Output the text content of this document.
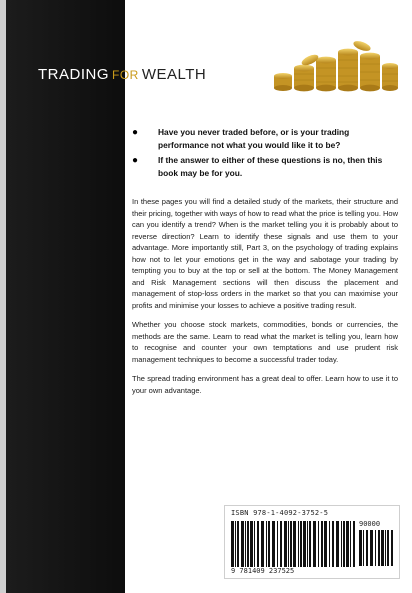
TRADING FOR WEALTH
●	Have you never traded before, or is your trading performance not what you would like it to be?
●	If the answer to either of these questions is no, then this book may be for you.

In these pages you will find a detailed study of the markets, their structure and their pricing, together with ways of how to read what the price is telling you. How can you identify a trend? When is the market telling you it is probably about to reverse direction? Learn to identify these signals and use them to your advantage. More importantly still, Part 3, on the psychology of trading explains how not to let your emotions get in the way and sabotage your trading by tempting you to buy at the top or sell at the bottom. The Money Management and Risk Management sections will then discuss the placement and management of stop-loss orders in the market so that you can maximise your profits and minimise your losses to achieve a positive trading result.

Whether you choose stock markets, commodities, bonds or currencies, the methods are the same. Learn to read what the market is telling you, learn how to recognise and counter your own temptations and use prudent risk management techniques to become a successful trader today.

The spread trading environment has a great deal to offer. Learn how to use it to your own advantage.

ISBN 978-1-4092-3752-5
90000
9 781409 237525
